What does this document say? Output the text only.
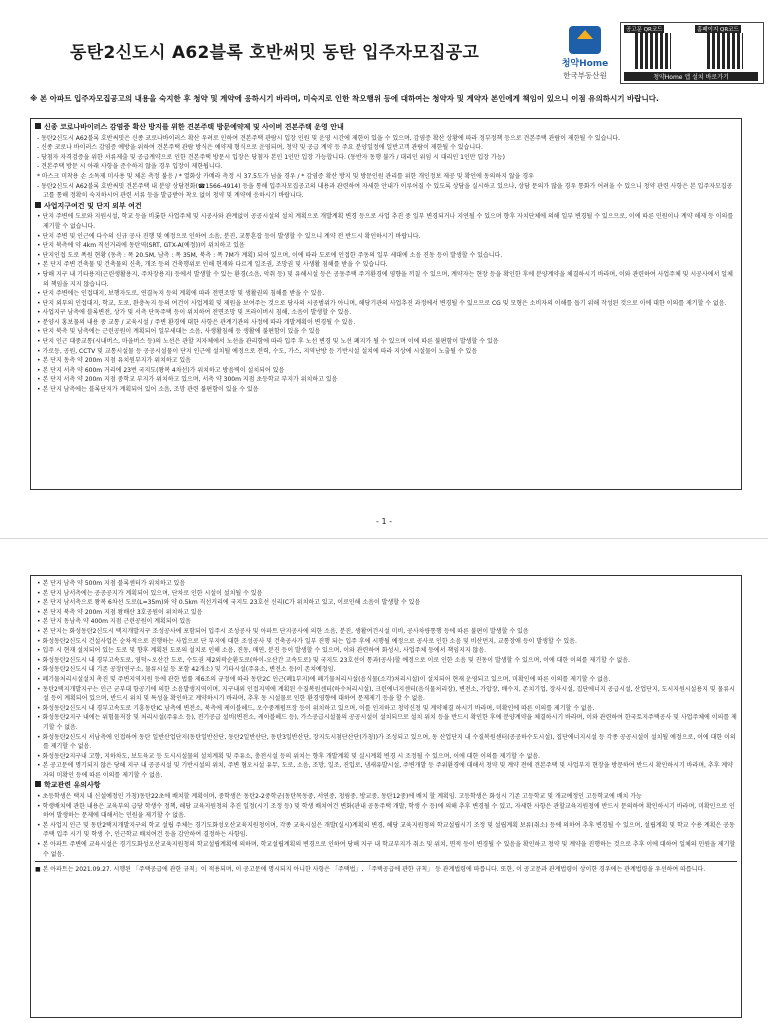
동탄2신도시 A62블록 호반써밋 동탄 입주자모집공고
청약Home
한국부동산원
공고문 QR코드	홈페이지 QR코드
청약Home 앱 설치 바로가기
※ 본 아파트 입주자모집공고의 내용을 숙지한 후 청약 및 계약에 응하시기 바라며, 미숙지로 인한 착오행위 등에 대하여는 청약자 및 계약자 본인에게 책임이 있으니 이점 유의하시기 바랍니다.
신종 코로나바이러스 감염증 확산 방지를 위한 견본주택 방문예약제 및 사이버 견본주택 운영 안내
- 동탄2신도시 A62블록 호반써밋은 신종 코로나바이러스 확산 우려로 인하여 견본주택 관람시 입장 인원 및 운영 시간에 제한이 있을 수 있으며, 감염증 확산 상황에 따라 정부정책 등으로 견본주택 관람이 제한될 수 있습니다.
- 신종 코로나 바이러스 감염증 예방을 위하여 견본주택 관람 방식은 예약제 형식으로 운영되며, 청약 및 공급 계약 등 주요 분양일정에 일반고객 관람이 제한될 수 있습니다.
- 당첨자 자격검증을 위한 서류제출 및 공급계약으로 인한 견본주택 방문시 입장은 당첨자 본인 1인만 입장 가능합니다. (동반자 동행 불가 / 대리인 위임 시 대리인 1인만 입장 가능)
- 견본주택 방문 시 아래 사항을 준수하지 않을 경우 입장이 제한됩니다.
* 마스크 미착용 손 소독제 미사용 및 체온 측정 불응 / * 열화상 카메라 측정 시 37.5도가 넘을 경우 / * 감염증 확산 방지 및 방문인원 관리를 위한 개인정보 제공 및 확인에 동의하지 않을 경우
- 동탄2신도시 A62블록 호반써밋 견본주택 내 분양 상담전화(☎1566-4914) 등을 통해 입주자모집공고의 내용과 관련하여 자세한 안내가 이루어질 수 있도록 상담을 실시하고 있으나, 상담 문의가 많을 경우 통화가 어려울 수 있으니 청약 관련 사항은 본 입주자모집공고를 통해 정확히 숙지하시어 관련 서류 등을 발급받아 착오 없이 청약 및 계약에 응하시기 바랍니다.
사업지구여건 및 단지 외부 여건
• 단지 주변에 도로와 지원시설, 학교 등을 비롯한 사업주체 및 시공사와 관계없이 공공시설의 설치 계획으로 개발계획 변경 등으로 사업 추진 중 일부 변경되거나 지연될 수 있으며 향후 자치단체에 의해 일부 변경될 수 있으므로, 이에 따른 민원이나 계약 해제 등 이의를 제기할 수 없습니다.
• 단지 주변 및 인근에 다수의 신규 공사 진행 및 예정으로 인하여 소음, 분진, 교통혼잡 등이 발생할 수 있으니 계약 전 반드시 확인하시기 바랍니다.
• 단지 북측에 약 4km 직선거리에 동탄역(SRT, GTX-A(예정))이 위치하고 있음
• 단지인접 도로 폭원 현황 (동측 : 폭 20.5M, 남측 : 폭 35M, 북측 : 폭 7M가 계획) 되어 있으며, 이에 따라 도로에 인접한 주동의 일부 세대에 소음 진동 등이 발생할 수 있습니다.
• 본 단지 주변 건축물 및 건축물의 신축, 개조 등의 건축행위로 인해 현재와 다르게 일조권, 조망권 및 사생활 침해를 받을 수 있습니다.
• 당해 지구 내 기타용지(근린생활용지, 주차장용지) 등에서 발생할 수 있는 환경(소음, 악취 등) 및 유해시설 등은 공동주택 주거환경에 영향을 끼칠 수 있으며, 계약자는 현장 등을 확인한 후에 분양계약을 체결하시기 바라며, 이와 관련하여 사업주체 및 시공사에서 일체의 책임을 지지 않습니다.
• 단지 주변에는 인접대지, 보행자도로, 연결녹지 등의 계획에 따라 전면조망 및 생활권의 침해를 받을 수 있음.
• 단지 외부의 인접대지, 학교, 도로, 완충녹지 등의 여건이 사업계획 및 제원을 보여주는 것으로 당사의 시공범위가 아니며, 해당기관의 사업추진 과정에서 변경될 수 있으므로 CG 및 모형은 소비자의 이해를 돕기 위해 작성된 것으로 이에 대한 이의를 제기할 수 없음.
• 사업지구 남측에 블록변전, 상가 및 서측 단독주택 등이 위치하여 전면조망 및 프라이버시 침해, 소음이 발생할 수 있음.
• 분양시 홍보물의 내용 중 교통 / 교육시설 / 주변 환경에 대한 사항은 관계기관의 사정에 따라 개발계획이 변경될 수 있음.
• 단지 북측 및 남측에는 근린공원이 계획되어 일부세대는 소음, 사생활침해 등 생활에 불편함이 있을 수 있음
• 단지 인근 대중교통(시내버스, 마을버스 등)의 노선은 관할 지자체에서 노선을 관리함에 따라 입주 후 노선 변경 및 노선 폐지가 될 수 있으며 이에 따른 불편함이 발생할 수 있음
• 가로등, 공원, CCTV 및 교통시설물 등 공공시설물이 단지 인근에 설치될 예정으로 전력, 수도, 가스, 지역난방 등 기반시설 설치에 따라 지상에 시설물이 노출될 수 있음
• 본 단지 동측 약 200m 지점 유치원부지가 위치하고 있음
• 본 단지 서측 약 600m 거리에 23번 국지도(왕복 4차선)가 위치하고 방음벽이 설치되어 있음
• 본 단지 서측 약 200m 지점 중학교 부지가 위치하고 있으며, 서측 약 300m 지점 초등학교 부지가 위치하고 있음
• 본 단지 남측에는 블록단지가 계획되어 있어 소음, 조망 관련 불편함이 있을 수 있음
- 1 -
• 본 단지 남측 약 500m 지점 블록센터가 위치하고 있음
• 본 단지 남서측에는 공공공지가 계획되어 있으며, 단차로 인한 시설이 설치될 수 있음
• 본 단지 남서측으로 왕복 6차선 도로(L=35m)와 약 0.5km 직선거리에 국지도 23호선 신리(C가 위치하고 있고, 이로인해 소음이 발생할 수 있음
• 본 단지 북측 약 200m 지점 왕배산 3호공원이 위치하고 있음
• 본 단지 동남측 약 400m 지점 근린공원이 계획되어 있음
• 본 단지는 화성동탄2신도시 택지개발지구 조성공사에 포함되어 입주시 조성공사 및 아파트 단지공사에 의한 소음, 분진, 생활여건시설 미비, 공사차량통행 등에 따른 불편이 발생할 수 있음
• 화성동탄2신도시 건설사업은 순차적으로 진행하는 사업으로 단 부지에 대한 조성공사 및 건축공사가 일부 진행 되는 입주 후에 시행될 예정으로 공사로 인한 소음 및 비산먼지, 교통장애 등이 발생할 수 있음.
• 입주 시 현재 설치되어 있는 도로 및 향후 계획된 도로의 설치로 인해 소음, 진동, 매연, 분진 등이 발생할 수 있으며, 이와 관련하여 화성시, 사업주체 등에서 책임지지 않음.
• 화성동탄2신도시 내 경부고속도로, 영덕~오산간 도로, 수도권 제2외곽순환도로(하이-오산간 고속도로) 및 국지도 23호선이 통과(공사)할 예정으로 이로 인한 소음 및 진동이 발생할 수 있으며, 이에 대한 이의를 제기할 수 없음.
• 화성동탄2신도시 내 기존 공장(연구소, 물류시설 등 포함 42개소) 및 기타시설(주유소, 변전소 등)이 존치예정임.
• 폐기물처리시설설치 촉진 및 주변지역지원 등에 관한 법률 제6조의 규정에 따라 동탄2C 인근(폐1부지)에 폐기물처리시설(음식물(소각)처리시설)이 설치되어 현재 운영되고 있으며, 미확인에 따른 이의를 제기할 수 없음.
• 동탄2택지개발지구는 인근 군부대 항공기에 의한 소음발생지역이며, 지구내외 인접지역에 계획된 수질복원센터(하수처리시설), 크린에너지센터(음식물처리장), 변전소, 가압장, 배수지, 존치기업, 장사시설, 집단에너지 공급시설, 산업단지, 도시지원시설용지 및 물류시설 등이 계획되어 있으며, 반드시 위치 및 특성을 확인하고 계약하시기 바라며, 추후 동 시설물로 인한 환경영향에 대하여 문제제기 등을 할 수 없음.
• 화성동탄2신도시 내 경부고속도로 기흥동탄IC 남측에 변전소, 북측에 케이블헤드, 오수중계펌프장 등이 위치하고 있으며, 이를 인지하고 청약신청 및 계약체결 하시기 바라며, 미확인에 따른 이의를 제기할 수 없음.
• 화성동탄2지구 내에는 위험물저장 및 처리시설(주유소 등), 전기공급 설비(변전소, 케이블헤드 등), 가스공급시설물의 공공시설이 설치되므로 설치 위치 등을 반드시 확인한 후에 분양계약을 체결하시기 바라며, 이와 관련하여 한국토지주택공사 및 사업주체에 이의를 제기할 수 없음.
• 화성동탄2신도시 서남측에 인접하여 동탄 일반산업단지(동탄일반산단, 동탄2일반산단, 동탄3일반산단, 장지도시첨단산단(가칭))가 조성되고 있으며, 동 산업단지 내 수질복원센터(공공하수도시설), 집단에너지시설 등 각종 공공시설이 설치될 예정으로, 이에 대한 이의를 제기할 수 없음.
• 화성동탄2지구내 고향, 지하차도, 보도육교 등 도시시설물의 설치계획 및 주유소, 충전시설 등의 위치는 향후 개발계획 및 실시계획 변경 시 조정될 수 있으며, 이에 대한 이의를 제기할 수 없음.
• 본 공고문에 명기되지 않은 당해 지구 내 공공시설 및 기반시설의 위치, 주변 혐오시설 유무, 도로, 소음, 조망, 일조, 진입로, 냄새유발시설, 주변개발 등 주위환경에 대해서 청약 및 계약 전에 견본주택 및 사업부지 현장을 방문하여 반드시 확인하시기 바라며, 추후 계약자의 미확인 등에 따른 이의를 제기할 수 없음.
학교관련 유의사항
• 초등학생은 택지 내 신설예정인 가칭)동탄22초에 배치할 계획이며, 중학생은 동탄2-2중학군(동탄목동중, 서연중, 청림중, 방교중, 동탄12중)에 배치 할 계획임. 고등학생은 화성시 기존 고등학교 및 개교예정인 고등학교에 배치 가능
• 학생배치에 관한 내용은 교육부의 급당 학생수 정책, 해당 교육지원청의 추진 일정(시기 조정 등) 및 학생 배치여건 변화(관내 공동주택 개발, 학생 수 등)에 의해 추후 변경될 수 있고, 자세한 사항은 관할교육지원청에 반드시 문의하여 확인하시기 바라며, 미확인으로 인하여 발생하는 문제에 대해서는 민원을 제기할 수 없음.
• 본 사업지 인근 및 동탄2택지개발지구의 학교 설립 주체는 경기도화성오산교육지원청이며, 각종 교육시설은 개발(실시)계획의 변경, 해당 교육지원청의 학교설립시기 조정 및 설립계획 보류(취소) 등에 의하여 추후 변경될 수 있으며, 설립계획 및 학교 수용 계획은 공동주택 입주 시기 및 학생 수, 인근학교 배치여건 등을 감안하여 결정하는 사항임.
• 본 아파트 주변에 교육시설은 경기도화성오산교육지원청의 학교설립계획에 의하며, 학교설립계획의 변경으로 인하여 당해 지구 내 학교부지가 취소 및 위치, 면적 등이 변경될 수 있음을 확인하고 청약 및 계약을 진행하는 것으로 추후 이에 대하여 일체의 민원을 제기할 수 없음.
■ 본 아파트는 2021.09.27. 시행된 「주택공급에 관한 규칙」이 적용되며, 이 공고문에 명시되지 아니한 사항은 「주택법」, 「주택공급에 관한 규칙」 등 관계법령에 따릅니다. 또한, 이 공고문과 관계법령이 상이한 경우에는 관계법령을 우선하여 따릅니다.
